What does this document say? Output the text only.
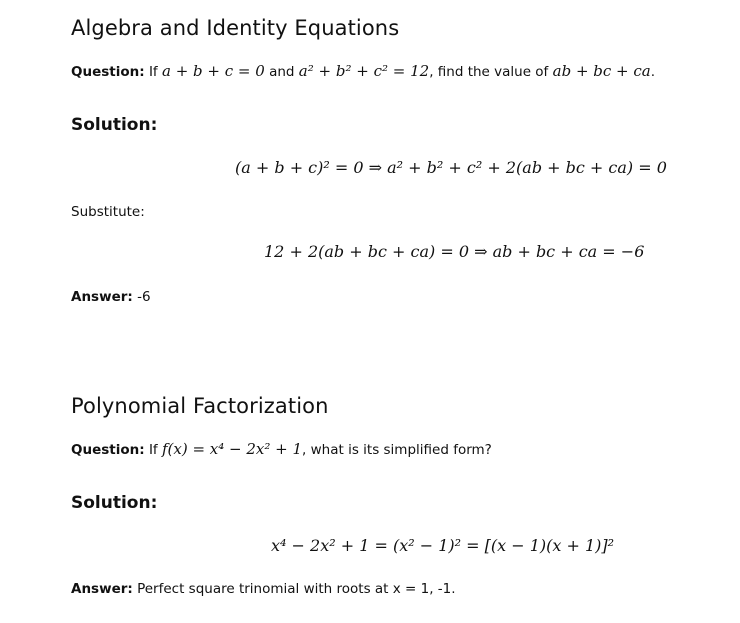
Algebra and Identity Equations
Question: If a + b + c = 0 and a² + b² + c² = 12, find the value of ab + bc + ca.
Solution:
(a + b + c)² = 0 ⇒ a² + b² + c² + 2(ab + bc + ca) = 0
Substitute:
12 + 2(ab + bc + ca) = 0 ⇒ ab + bc + ca = −6
Answer: -6
Polynomial Factorization
Question: If f(x) = x⁴ − 2x² + 1, what is its simplified form?
Solution:
x⁴ − 2x² + 1 = (x² − 1)² = [(x − 1)(x + 1)]²
Answer: Perfect square trinomial with roots at x = 1, -1.
